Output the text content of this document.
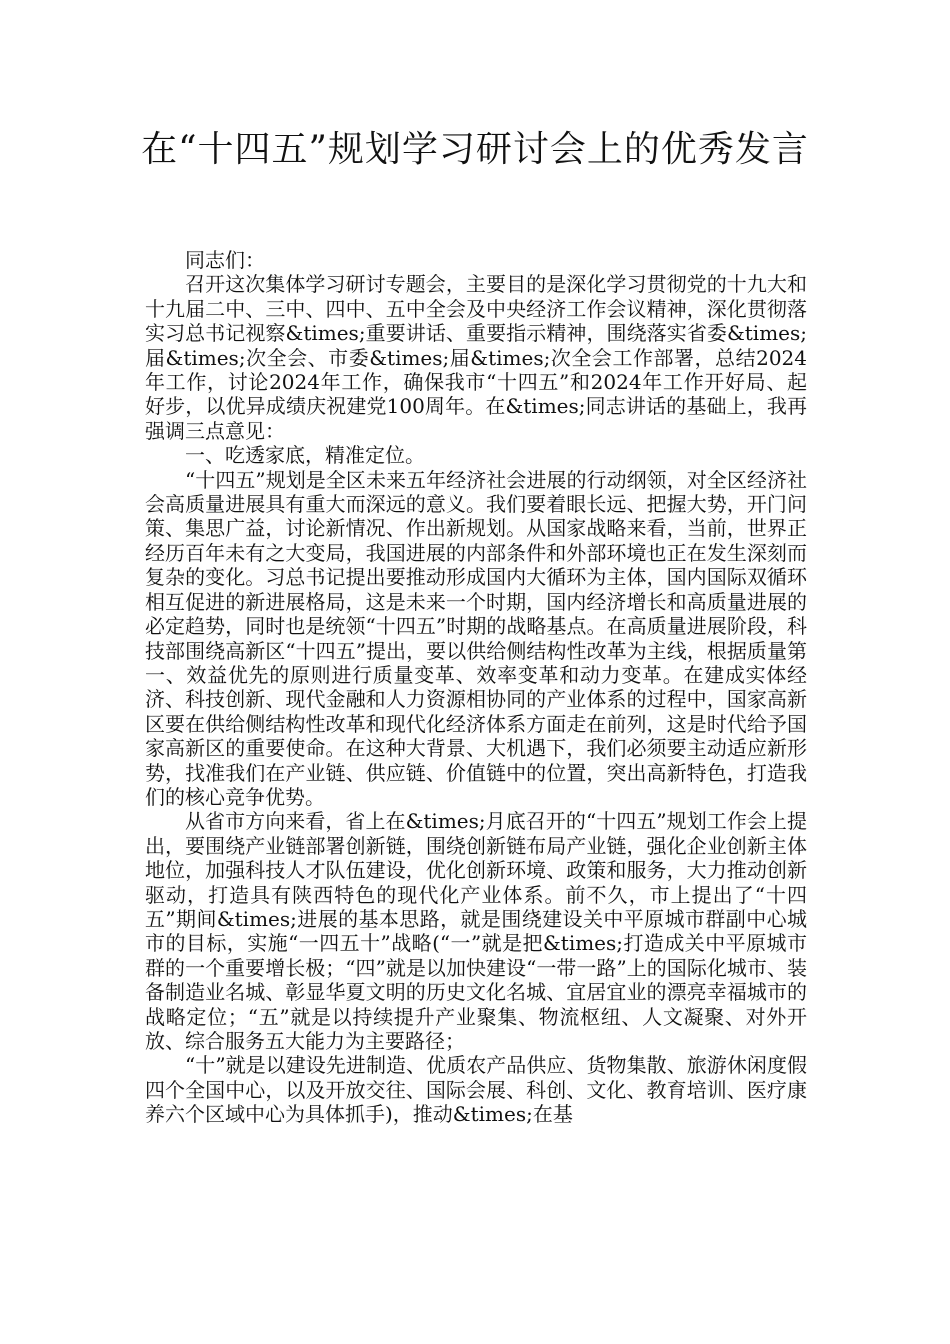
在“十四五”规划学习研讨会上的优秀发言

同志们：

召开这次集体学习研讨专题会，主要目的是深化学习贯彻党的十九大和十九届二中、三中、四中、五中全会及中央经济工作会议精神，深化贯彻落实习总书记视察&times;重要讲话、重要指示精神，围绕落实省委&times;届&times;次全会、市委&times;届&times;次全会工作部署，总结2024年工作，讨论2024年工作，确保我市“十四五”和2024年工作开好局、起好步，以优异成绩庆祝建党100周年。在&times;同志讲话的基础上，我再强调三点意见：

一、吃透家底，精准定位。

“十四五”规划是全区未来五年经济社会进展的行动纲领，对全区经济社会高质量进展具有重大而深远的意义。我们要着眼长远、把握大势，开门问策、集思广益，讨论新情况、作出新规划。从国家战略来看，当前，世界正经历百年未有之大变局，我国进展的内部条件和外部环境也正在发生深刻而复杂的变化。习总书记提出要推动形成国内大循环为主体，国内国际双循环相互促进的新进展格局，这是未来一个时期，国内经济增长和高质量进展的必定趋势，同时也是统领“十四五”时期的战略基点。在高质量进展阶段，科技部围绕高新区“十四五”提出，要以供给侧结构性改革为主线，根据质量第一、效益优先的原则进行质量变革、效率变革和动力变革。在建成实体经济、科技创新、现代金融和人力资源相协同的产业体系的过程中，国家高新区要在供给侧结构性改革和现代化经济体系方面走在前列，这是时代给予国家高新区的重要使命。在这种大背景、大机遇下，我们必须要主动适应新形势，找准我们在产业链、供应链、价值链中的位置，突出高新特色，打造我们的核心竞争优势。

从省市方向来看，省上在&times;月底召开的“十四五”规划工作会上提出，要围绕产业链部署创新链，围绕创新链布局产业链，强化企业创新主体地位，加强科技人才队伍建设，优化创新环境、政策和服务，大力推动创新驱动，打造具有陕西特色的现代化产业体系。前不久，市上提出了“十四五”期间&times;进展的基本思路，就是围绕建设关中平原城市群副中心城市的目标，实施“一四五十”战略(“一”就是把&times;打造成关中平原城市群的一个重要增长极；“四”就是以加快建设“一带一路”上的国际化城市、装备制造业名城、彰显华夏文明的历史文化名城、宜居宜业的漂亮幸福城市的战略定位；“五”就是以持续提升产业聚集、物流枢纽、人文凝聚、对外开放、综合服务五大能力为主要路径；

“十”就是以建设先进制造、优质农产品供应、货物集散、旅游休闲度假四个全国中心，以及开放交往、国际会展、科创、文化、教育培训、医疗康养六个区域中心为具体抓手)，推动&times;在基
